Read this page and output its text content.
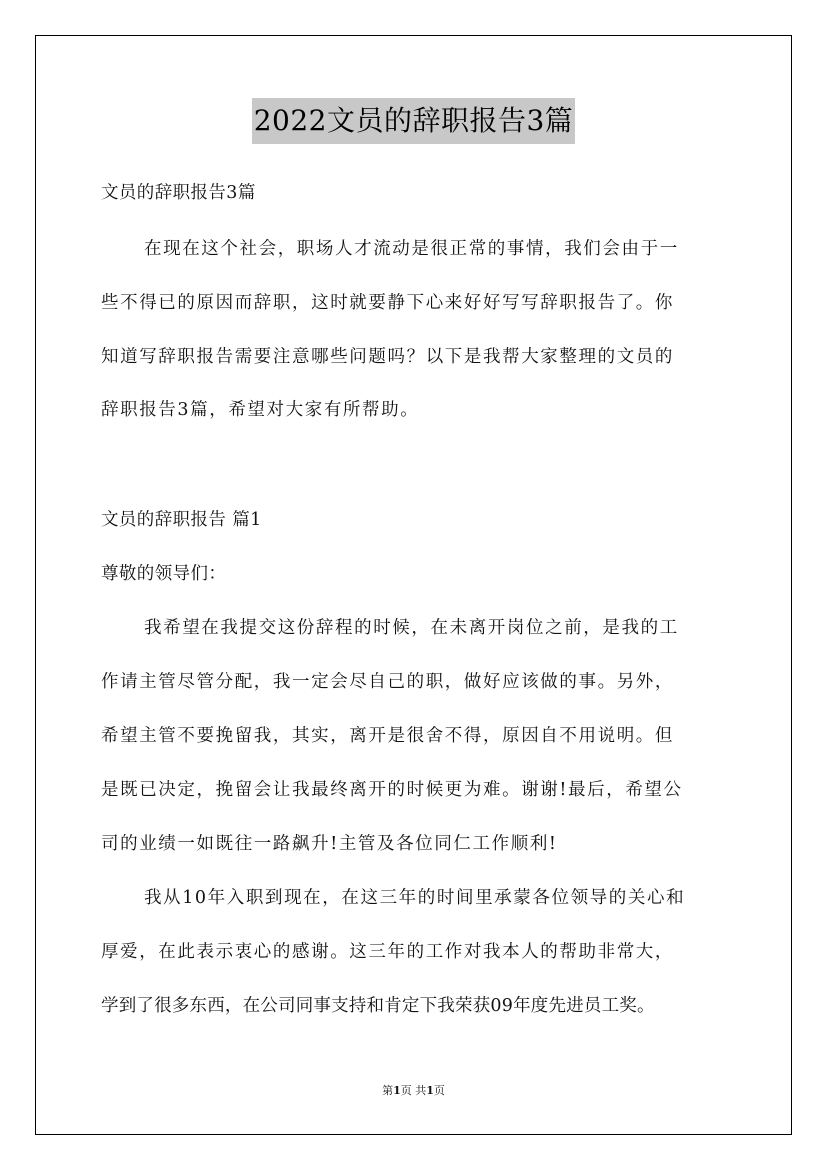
2022文员的辞职报告3篇
文员的辞职报告3篇
在现在这个社会，职场人才流动是很正常的事情，我们会由于一
些不得已的原因而辞职，这时就要静下心来好好写写辞职报告了。你
知道写辞职报告需要注意哪些问题吗？以下是我帮大家整理的文员的
辞职报告3篇，希望对大家有所帮助。
文员的辞职报告 篇1
尊敬的领导们：
我希望在我提交这份辞程的时候，在未离开岗位之前，是我的工
作请主管尽管分配，我一定会尽自己的职，做好应该做的事。另外，
希望主管不要挽留我，其实，离开是很舍不得，原因自不用说明。但
是既已决定，挽留会让我最终离开的时候更为难。谢谢!最后，希望公
司的业绩一如既往一路飙升!主管及各位同仁工作顺利!
我从10年入职到现在，在这三年的时间里承蒙各位领导的关心和
厚爱，在此表示衷心的感谢。这三年的工作对我本人的帮助非常大，
学到了很多东西，在公司同事支持和肯定下我荣获09年度先进员工奖。
第1页 共1页
